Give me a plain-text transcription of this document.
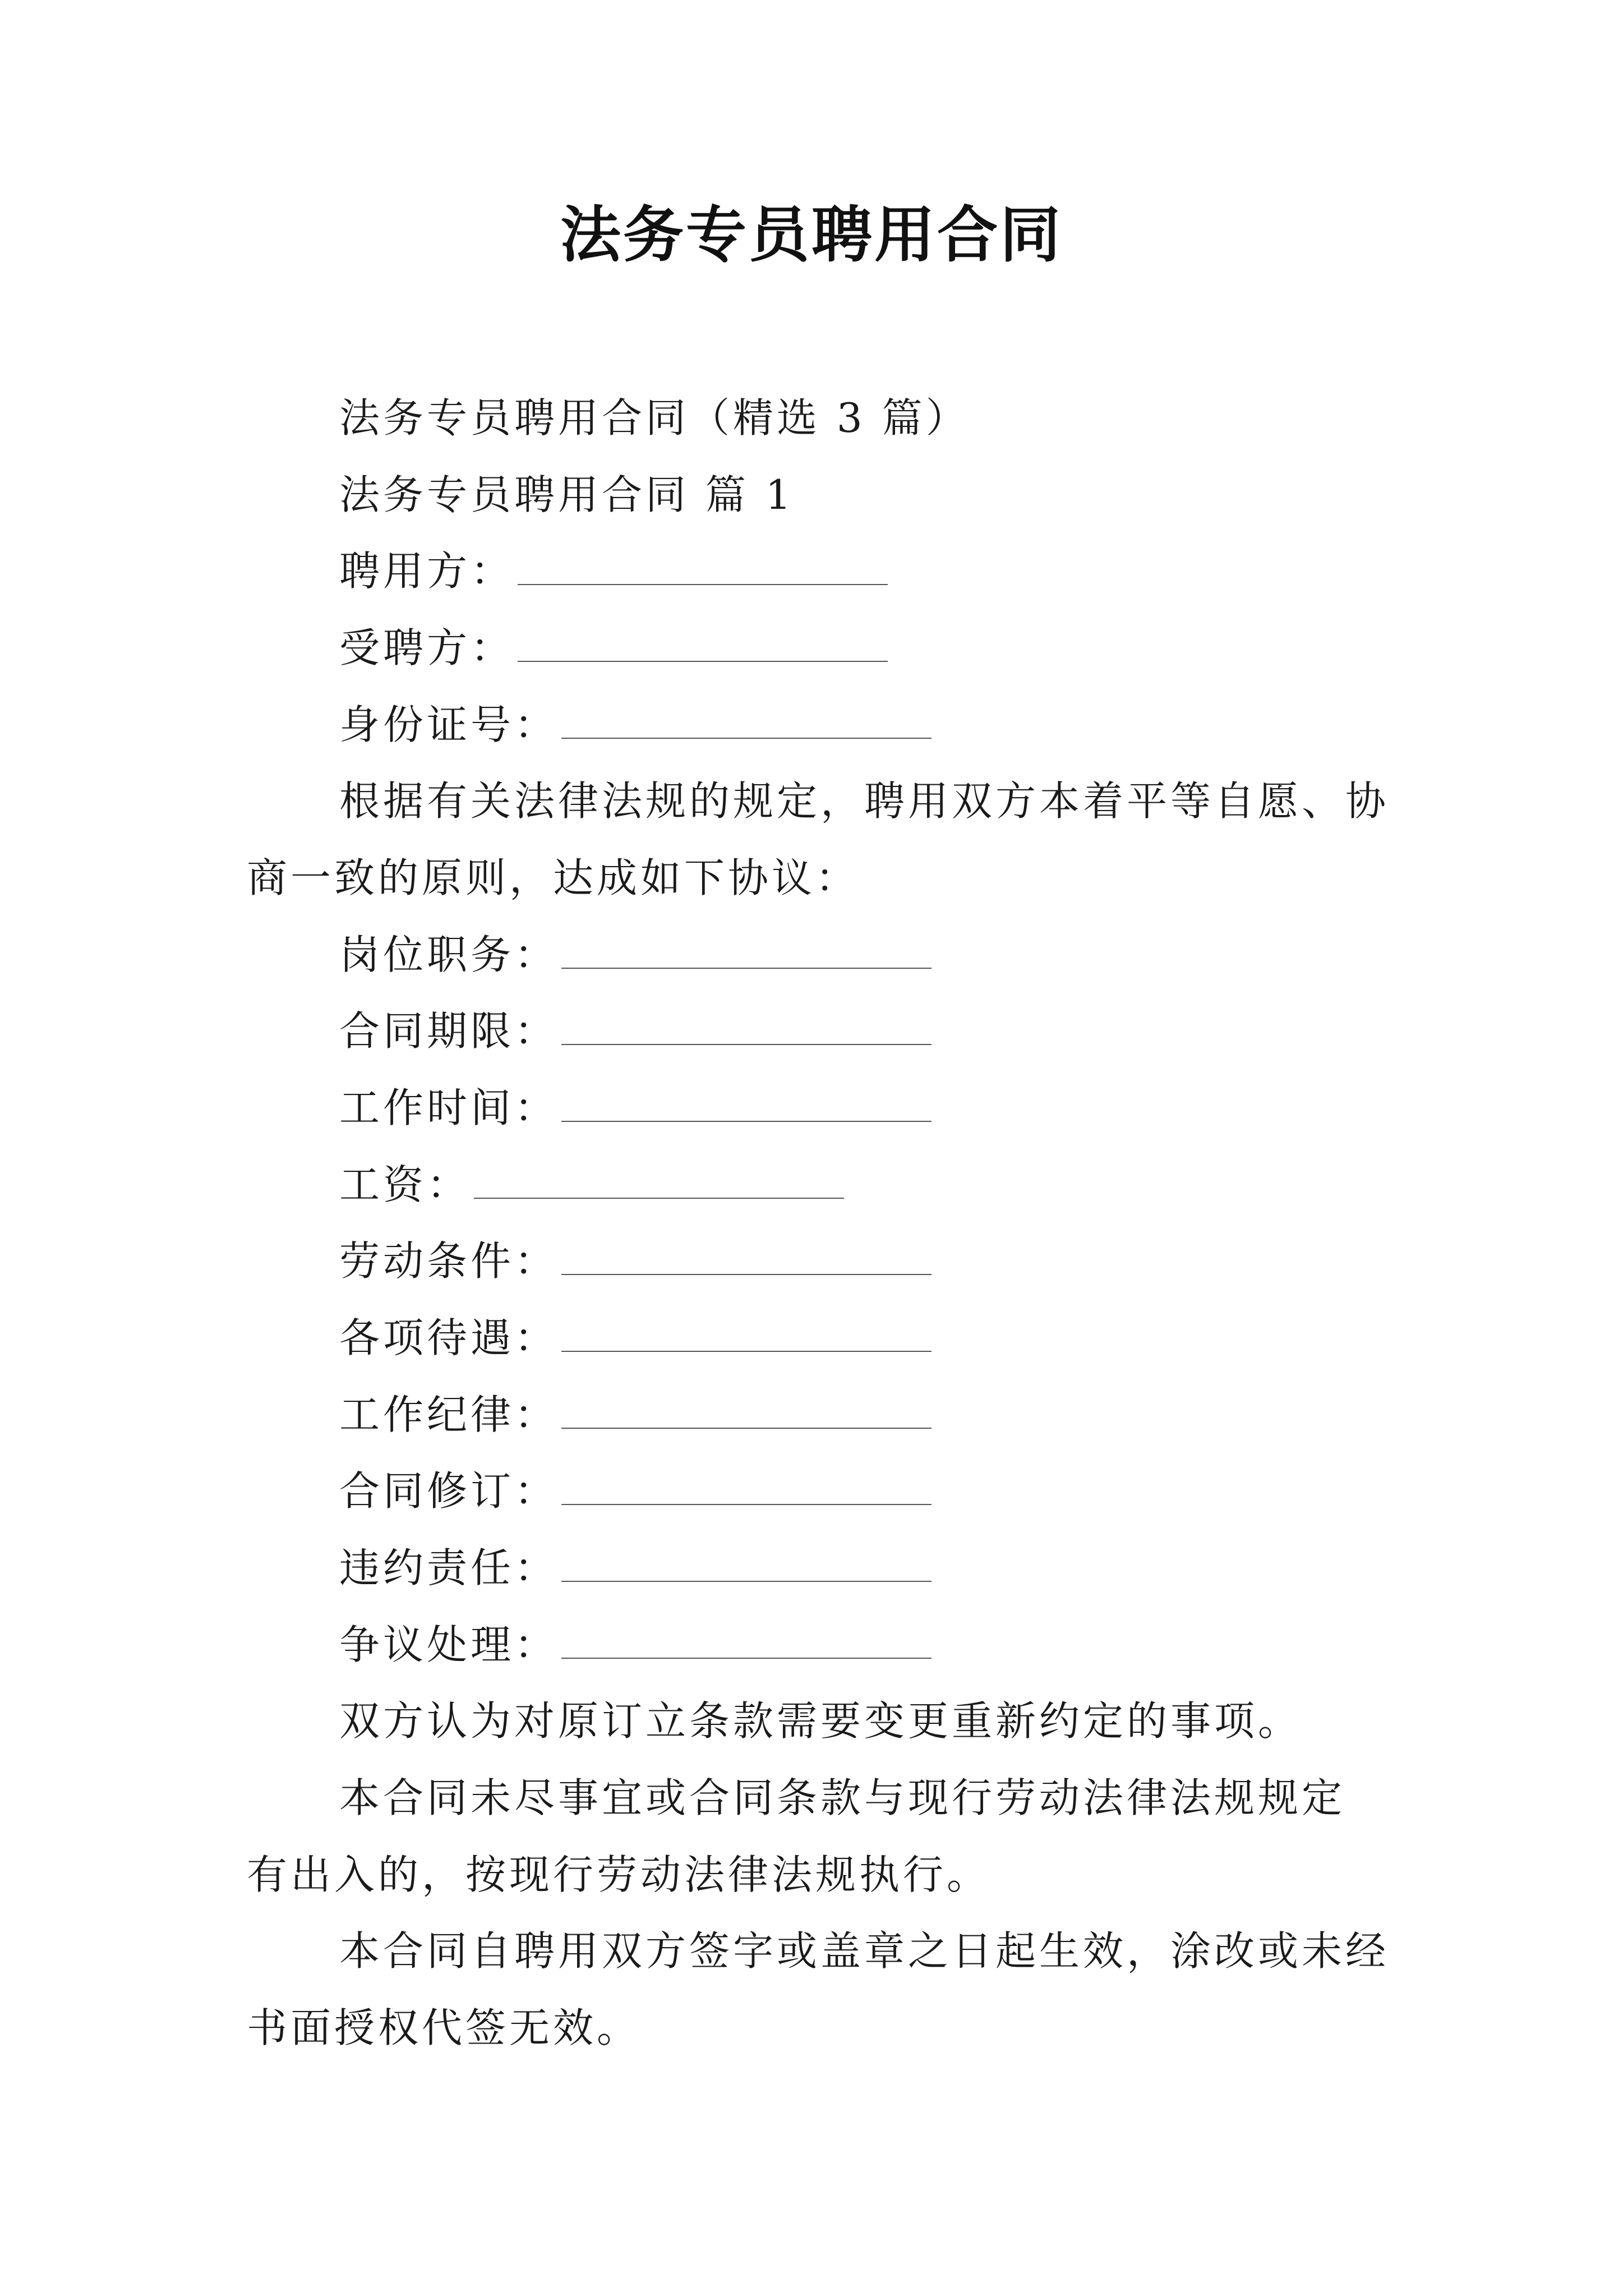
法务专员聘用合同
法务专员聘用合同（精选 3 篇）
法务专员聘用合同 篇 1
聘用方：
受聘方：
身份证号：
根据有关法律法规的规定，聘用双方本着平等自愿、协
商一致的原则，达成如下协议：
岗位职务：
合同期限：
工作时间：
工资：
劳动条件：
各项待遇：
工作纪律：
合同修订：
违约责任：
争议处理：
双方认为对原订立条款需要变更重新约定的事项。
本合同未尽事宜或合同条款与现行劳动法律法规规定
有出入的，按现行劳动法律法规执行。
本合同自聘用双方签字或盖章之日起生效，涂改或未经
书面授权代签无效。
